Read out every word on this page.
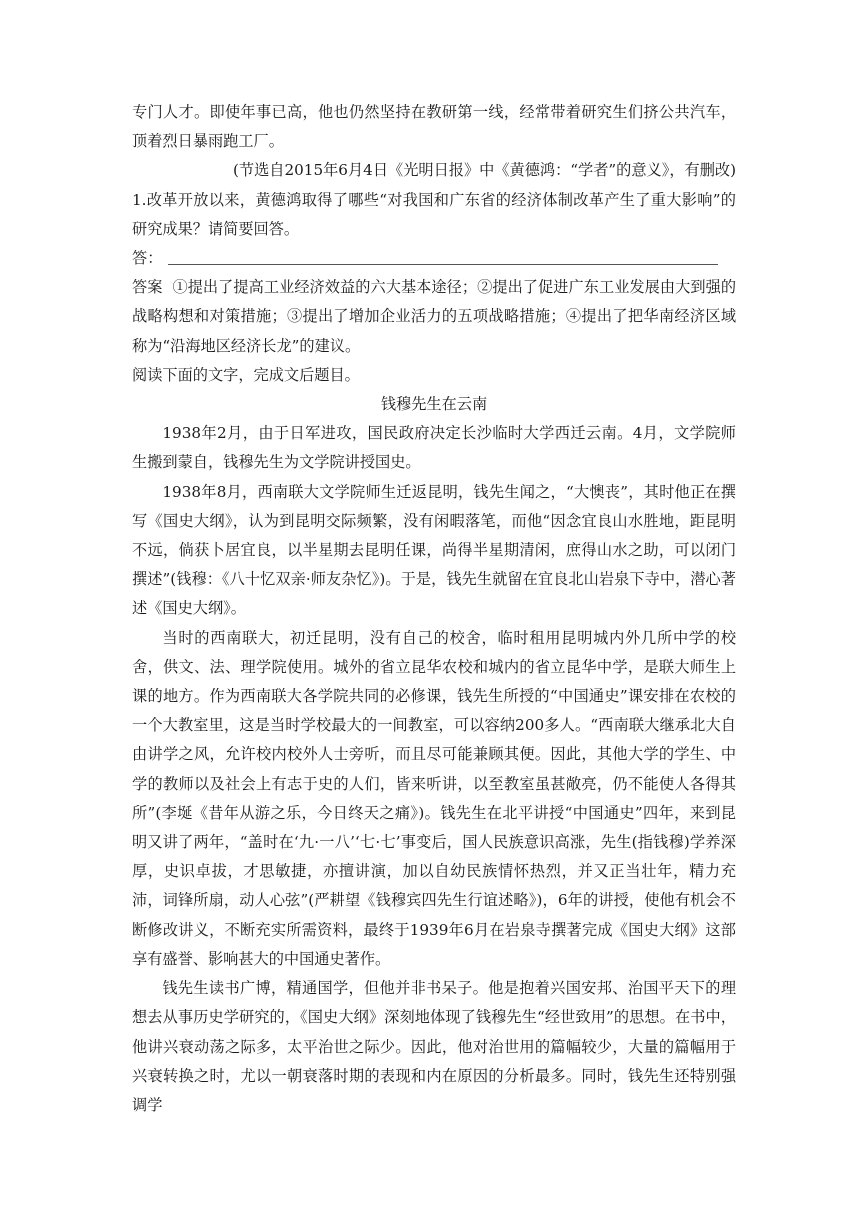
专门人才。即使年事已高，他也仍然坚持在教研第一线，经常带着研究生们挤公共汽车，顶着烈日暴雨跑工厂。

(节选自2015年6月4日《光明日报》中《黄德鸿：“学者”的意义》，有删改)

1.改革开放以来，黄德鸿取得了哪些“对我国和广东省的经济体制改革产生了重大影响”的研究成果？请简要回答。

答：

答案 ①提出了提高工业经济效益的六大基本途径；②提出了促进广东工业发展由大到强的战略构想和对策措施；③提出了增加企业活力的五项战略措施；④提出了把华南经济区域称为“沿海地区经济长龙”的建议。

阅读下面的文字，完成文后题目。

钱穆先生在云南

1938年2月，由于日军进攻，国民政府决定长沙临时大学西迁云南。4月，文学院师生搬到蒙自，钱穆先生为文学院讲授国史。

1938年8月，西南联大文学院师生迁返昆明，钱先生闻之，“大懊丧”，其时他正在撰写《国史大纲》，认为到昆明交际频繁，没有闲暇落笔，而他“因念宜良山水胜地，距昆明不远，倘获卜居宜良，以半星期去昆明任课，尚得半星期清闲，庶得山水之助，可以闭门撰述”(钱穆：《八十忆双亲·师友杂忆》)。于是，钱先生就留在宜良北山岩泉下寺中，潜心著述《国史大纲》。

当时的西南联大，初迁昆明，没有自己的校舍，临时租用昆明城内外几所中学的校舍，供文、法、理学院使用。城外的省立昆华农校和城内的省立昆华中学，是联大师生上课的地方。作为西南联大各学院共同的必修课，钱先生所授的“中国通史”课安排在农校的一个大教室里，这是当时学校最大的一间教室，可以容纳200多人。“西南联大继承北大自由讲学之风，允许校内校外人士旁听，而且尽可能兼顾其便。因此，其他大学的学生、中学的教师以及社会上有志于史的人们，皆来听讲，以至教室虽甚敞亮，仍不能使人各得其所”(李埏《昔年从游之乐，今日终天之痛》)。钱先生在北平讲授“中国通史”四年，来到昆明又讲了两年，“盖时在‘九·一八’‘七·七’事变后，国人民族意识高涨，先生(指钱穆)学养深厚，史识卓拔，才思敏捷，亦擅讲演，加以自幼民族情怀热烈，并又正当壮年，精力充沛，词锋所扇，动人心弦”(严耕望《钱穆宾四先生行谊述略》)，6年的讲授，使他有机会不断修改讲义，不断充实所需资料，最终于1939年6月在岩泉寺撰著完成《国史大纲》这部享有盛誉、影响甚大的中国通史著作。

钱先生读书广博，精通国学，但他并非书呆子。他是抱着兴国安邦、治国平天下的理想去从事历史学研究的，《国史大纲》深刻地体现了钱穆先生“经世致用”的思想。在书中，他讲兴衰动荡之际多，太平治世之际少。因此，他对治世用的篇幅较少，大量的篇幅用于兴衰转换之时，尤以一朝衰落时期的表现和内在原因的分析最多。同时，钱先生还特别强调学
